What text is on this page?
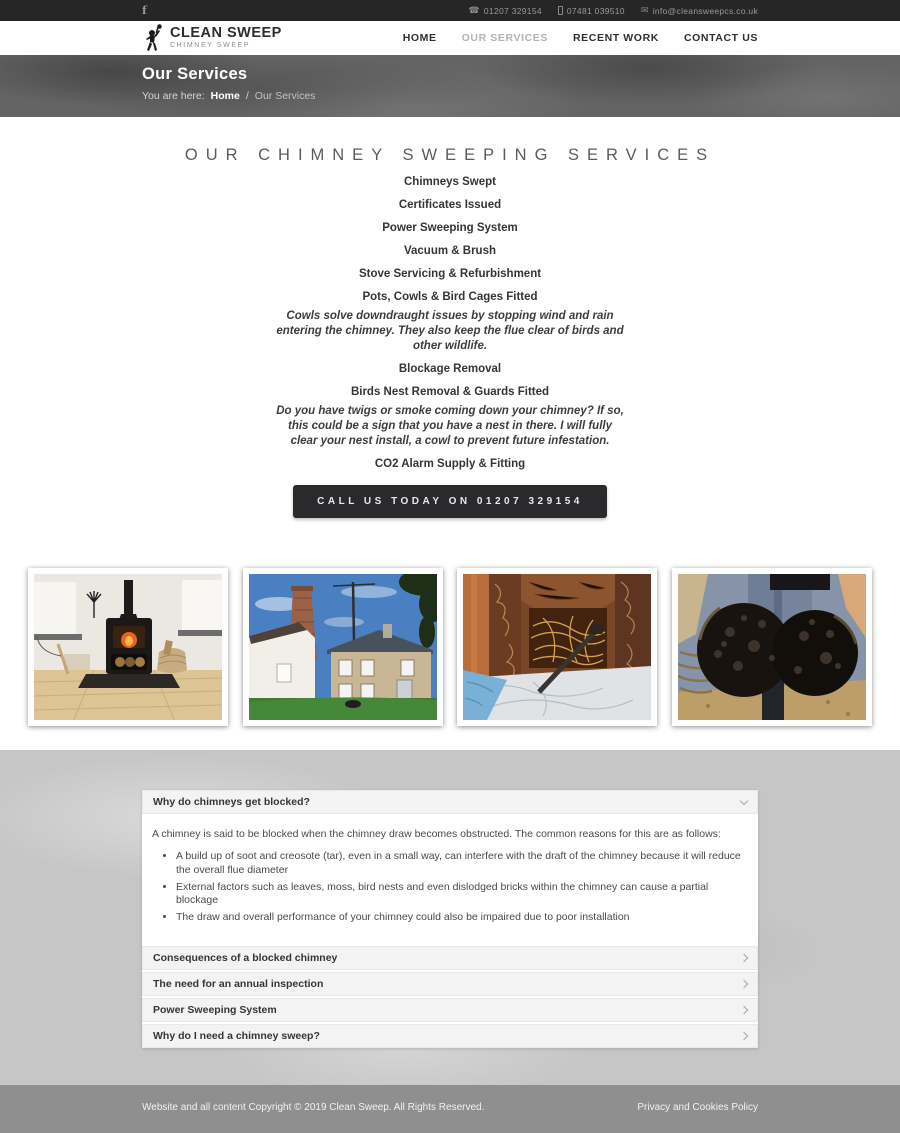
f	☎ 01207 329154	07481 039510 ✉ info@cleansweepcs.co.uk
CLEAN SWEEP
CHIMNEY SWEEP
HOME OUR SERVICES RECENT WORK CONTACT US
Our Services
You are here: Home / Our Services
OUR CHIMNEY SWEEPING SERVICES
Chimneys Swept
Certificates Issued
Power Sweeping System
Vacuum & Brush
Stove Servicing & Refurbishment
Pots, Cowls & Bird Cages Fitted
Cowls solve downdraught issues by stopping wind and rain entering the chimney. They also keep the flue clear of birds and other wildlife.
Blockage Removal
Birds Nest Removal & Guards Fitted
Do you have twigs or smoke coming down your chimney? If so, this could be a sign that you have a nest in there. I will fully clear your nest install, a cowl to prevent future infestation.
CO2 Alarm Supply & Fitting
CALL US TODAY ON 01207 329154
Why do chimneys get blocked?
A chimney is said to be blocked when the chimney draw becomes obstructed. The common reasons for this are as follows:
• A build up of soot and creosote (tar), even in a small way, can interfere with the draft of the chimney because it will reduce the overall flue diameter
• External factors such as leaves, moss, bird nests and even dislodged bricks within the chimney can cause a partial blockage
• The draw and overall performance of your chimney could also be impaired due to poor installation
Consequences of a blocked chimney
The need for an annual inspection
Power Sweeping System
Why do I need a chimney sweep?
Website and all content Copyright © 2019 Clean Sweep. All Rights Reserved.	Privacy and Cookies Policy
